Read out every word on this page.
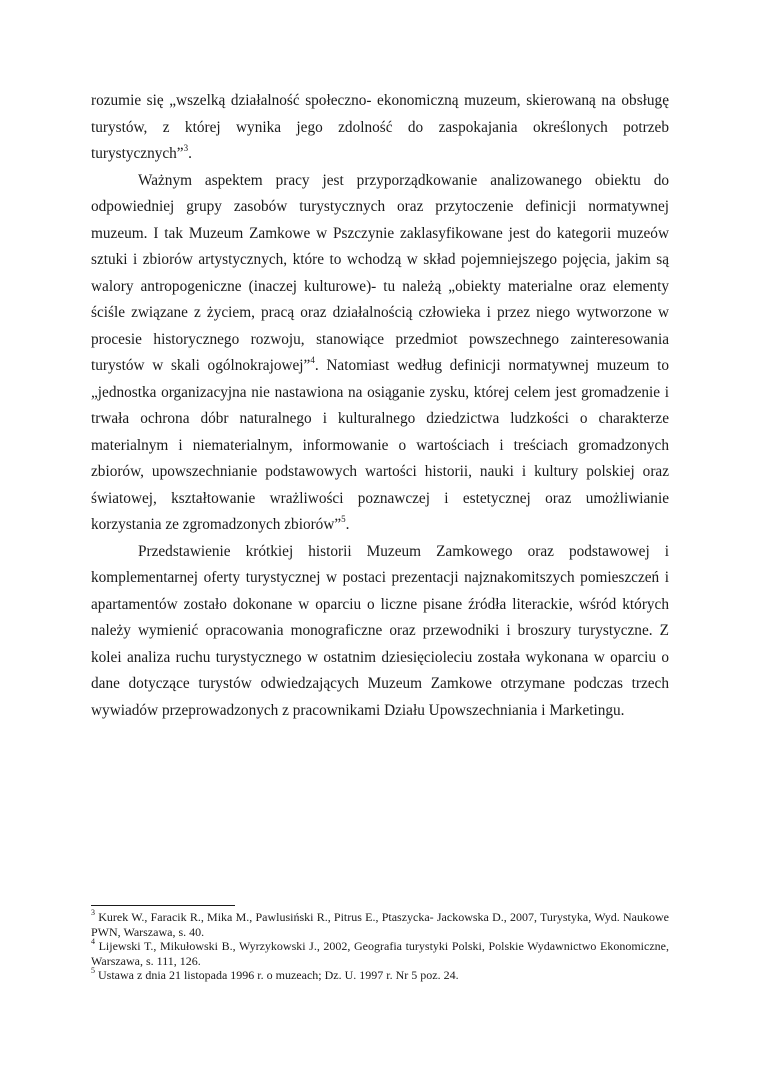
rozumie się „wszelką działalność społeczno- ekonomiczną muzeum, skierowaną na obsługę turystów, z której wynika jego zdolność do zaspokajania określonych potrzeb turystycznych”$^3$.

Ważnym aspektem pracy jest przyporządkowanie analizowanego obiektu do odpowiedniej grupy zasobów turystycznych oraz przytoczenie definicji normatywnej muzeum. I tak Muzeum Zamkowe w Pszczynie zaklasyfikowane jest do kategorii muzeów sztuki i zbiorów artystycznych, które to wchodzą w skład pojemniejszego pojęcia, jakim są walory antropogeniczne (inaczej kulturowe)- tu należą „obiekty materialne oraz elementy ściśle związane z życiem, pracą oraz działalnością człowieka i przez niego wytworzone w procesie historycznego rozwoju, stanowiące przedmiot powszechnego zainteresowania turystów w skali ogólnokrajowej”$^4$. Natomiast według definicji normatywnej muzeum to „jednostka organizacyjna nie nastawiona na osiąganie zysku, której celem jest gromadzenie i trwała ochrona dóbr naturalnego i kulturalnego dziedzictwa ludzkości o charakterze materialnym i niematerialnym, informowanie o wartościach i treściach gromadzonych zbiorów, upowszechnianie podstawowych wartości historii, nauki i kultury polskiej oraz światowej, kształtowanie wrażliwości poznawczej i estetycznej oraz umożliwianie korzystania ze zgromadzonych zbiorów”$^5$.

Przedstawienie krótkiej historii Muzeum Zamkowego oraz podstawowej i komplementarnej oferty turystycznej w postaci prezentacji najznakomitszych pomieszczeń i apartamentów zostało dokonane w oparciu o liczne pisane źródła literackie, wśród których należy wymienić opracowania monograficzne oraz przewodniki i broszury turystyczne. Z kolei analiza ruchu turystycznego w ostatnim dziesięcioleciu została wykonana w oparciu o dane dotyczące turystów odwiedzających Muzeum Zamkowe otrzymane podczas trzech wywiadów przeprowadzonych z pracownikami Działu Upowszechniania i Marketingu.

$^3$ Kurek W., Faracik R., Mika M., Pawlusiński R., Pitrus E., Ptaszycka- Jackowska D., 2007, Turystyka, Wyd. Naukowe PWN, Warszawa, s. 40.

$^4$ Lijewski T., Mikułowski B., Wyrzykowski J., 2002, Geografia turystyki Polski, Polskie Wydawnictwo Ekonomiczne, Warszawa, s. 111, 126.

$^5$ Ustawa z dnia 21 listopada 1996 r. o muzeach; Dz. U. 1997 r. Nr 5 poz. 24.
